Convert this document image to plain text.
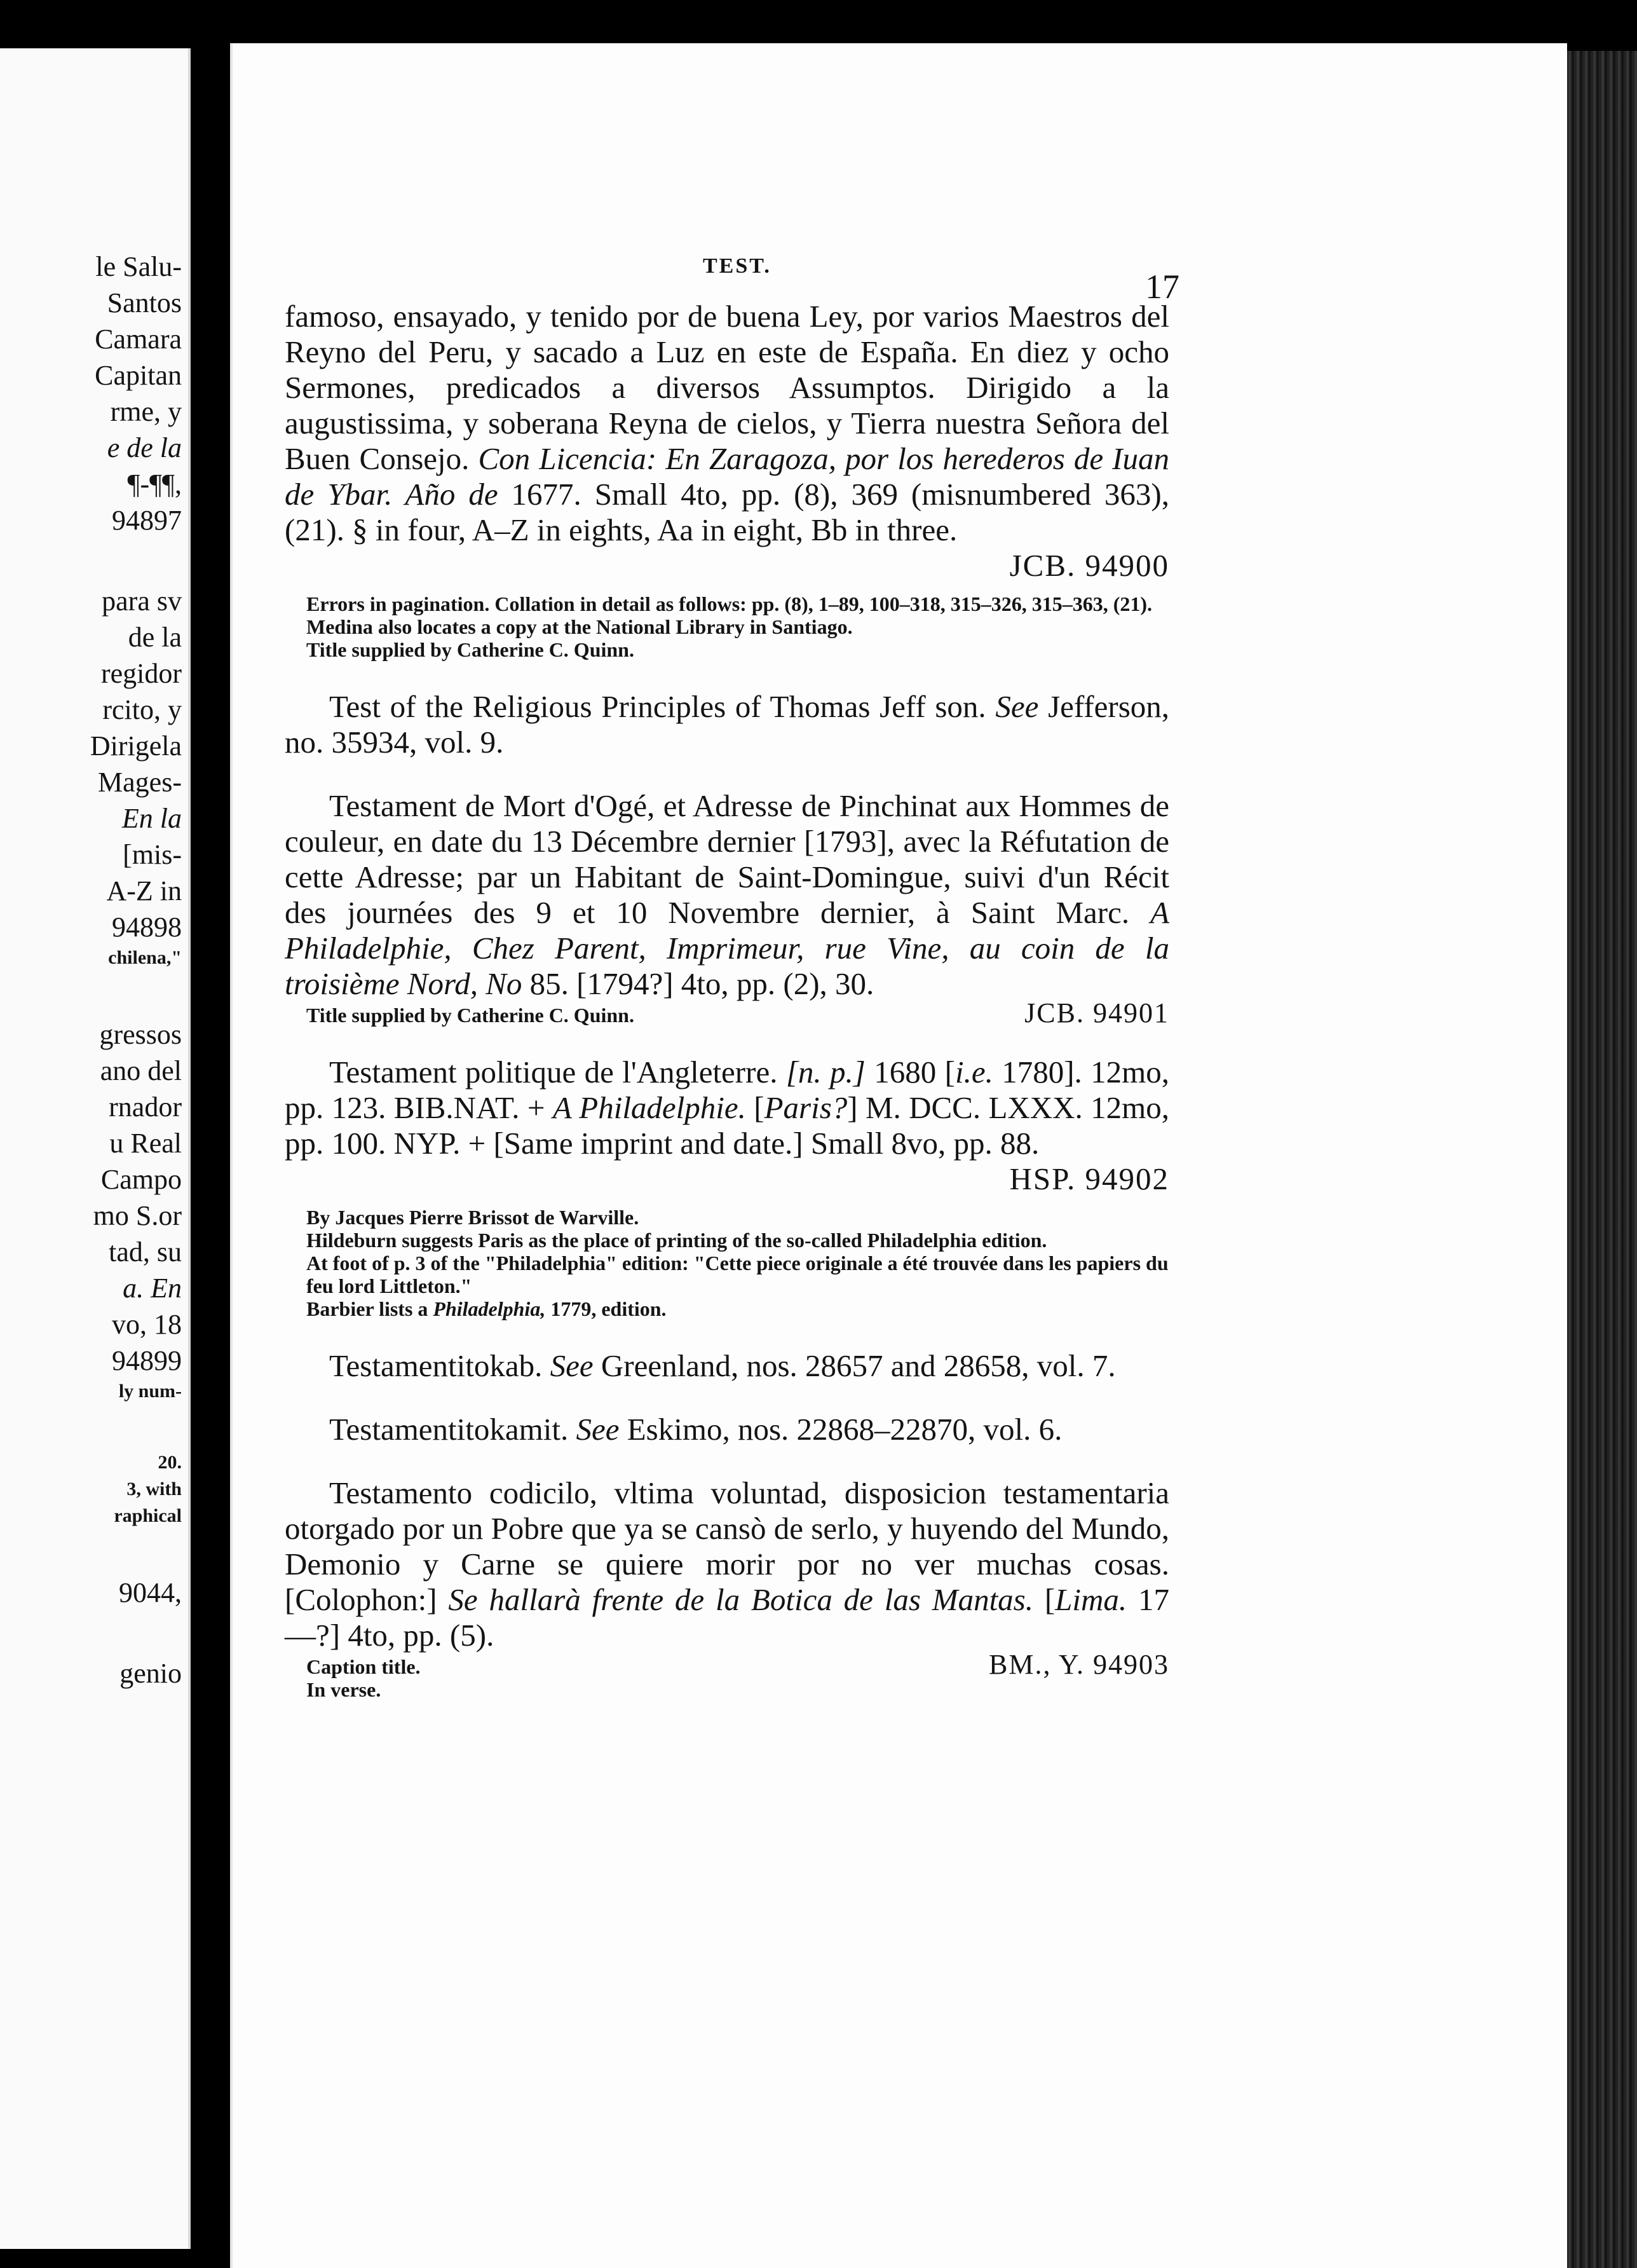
le Salu-
Santos
Camara
Capitan
rme, y
e de la
¶-¶¶,
94897
para sv
de la
regidor
rcito, y
Dirigela
Mages-
En la
[mis-
A-Z in
94898
chilena,"
gressos
ano del
rnador
u Real
Campo
mo S.or
tad, su
a. En
vo, 18
94899
ly num-
20.
3, with
raphical
9044,
genio
TEST.
17

famoso, ensayado, y tenido por de buena Ley, por varios Maestros del Reyno del Peru, y sacado a Luz en este de España. En diez y ocho Sermones, predicados a diversos Assumptos. Dirigido a la augustissima, y soberana Reyna de cielos, y Tierra nuestra Señora del Buen Consejo. Con Licencia: En Zaragoza, por los herederos de Iuan de Ybar. Año de 1677. Small 4to, pp. (8), 369 (misnumbered 363), (21). § in four, A–Z in eights, Aa in eight, Bb in three.

JCB. 94900

Errors in pagination. Collation in detail as follows: pp. (8), 1–89, 100–318, 315–326, 315–363, (21).

Medina also locates a copy at the National Library in Santiago.

Title supplied by Catherine C. Quinn.

Test of the Religious Principles of Thomas Jeff son. See Jefferson, no. 35934, vol. 9.

Testament de Mort d'Ogé, et Adresse de Pinchinat aux Hommes de couleur, en date du 13 Décembre dernier [1793], avec la Réfutation de cette Adresse; par un Habitant de Saint-Domingue, suivi d'un Récit des journées des 9 et 10 Novembre dernier, à Saint Marc. A Philadelphie, Chez Parent, Imprimeur, rue Vine, au coin de la troisième Nord, No 85. [1794?] 4to, pp. (2), 30.

Title supplied by Catherine C. Quinn.	JCB. 94901

Testament politique de l'Angleterre. [n. p.] 1680 [i.e. 1780]. 12mo, pp. 123. BIB.NAT. + A Philadelphie. [Paris?] M. DCC. LXXX. 12mo, pp. 100. NYP. + [Same imprint and date.] Small 8vo, pp. 88.

HSP. 94902

By Jacques Pierre Brissot de Warville.

Hildeburn suggests Paris as the place of printing of the so-called Philadelphia edition.

At foot of p. 3 of the "Philadelphia" edition: "Cette piece originale a été trouvée dans les papiers du feu lord Littleton."

Barbier lists a Philadelphia, 1779, edition.

Testamentitokab. See Greenland, nos. 28657 and 28658, vol. 7.

Testamentitokamit. See Eskimo, nos. 22868–22870, vol. 6.

Testamento codicilo, vltima voluntad, disposicion testamentaria otorgado por un Pobre que ya se cansò de serlo, y huyendo del Mundo, Demonio y Carne se quiere morir por no ver muchas cosas. [Colophon:] Se hallarà frente de la Botica de las Mantas. [Lima. 17—?] 4to, pp. (5).

Caption title.	BM., Y. 94903

In verse.
